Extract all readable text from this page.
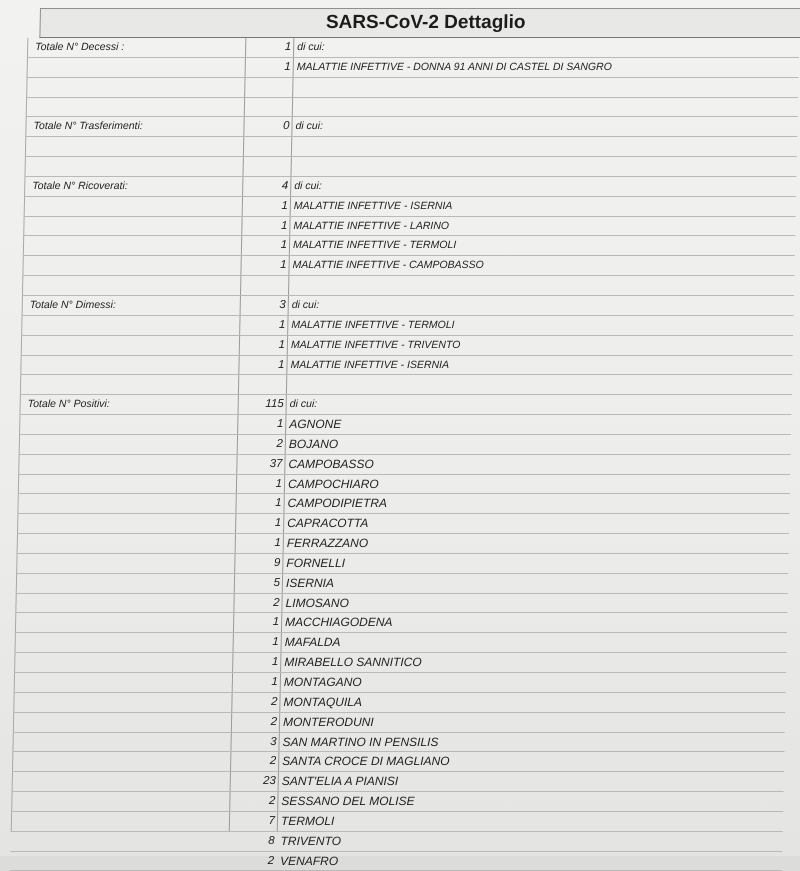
SARS-CoV-2 Dettaglio
Totale N° Decessi :	1 di cui:
1 MALATTIE INFETTIVE - DONNA 91 ANNI DI CASTEL DI SANGRO
Totale N° Trasferimenti:	0 di cui:
Totale N° Ricoverati:	4 di cui:
1 MALATTIE INFETTIVE - ISERNIA
1 MALATTIE INFETTIVE - LARINO
1 MALATTIE INFETTIVE - TERMOLI
1 MALATTIE INFETTIVE - CAMPOBASSO
Totale N° Dimessi:	3 di cui:
1 MALATTIE INFETTIVE - TERMOLI
1 MALATTIE INFETTIVE - TRIVENTO
1 MALATTIE INFETTIVE - ISERNIA
Totale N° Positivi:	115 di cui:
1 AGNONE
2 BOJANO
37 CAMPOBASSO
1 CAMPOCHIARO
1 CAMPODIPIETRA
1 CAPRACOTTA
1 FERRAZZANO
9 FORNELLI
5 ISERNIA
2 LIMOSANO
1 MACCHIAGODENA
1 MAFALDA
1 MIRABELLO SANNITICO
1 MONTAGANO
2 MONTAQUILA
2 MONTERODUNI
3 SAN MARTINO IN PENSILIS
2 SANTA CROCE DI MAGLIANO
23 SANT'ELIA A PIANISI
2 SESSANO DEL MOLISE
7 TERMOLI
8 TRIVENTO
2 VENAFRO
